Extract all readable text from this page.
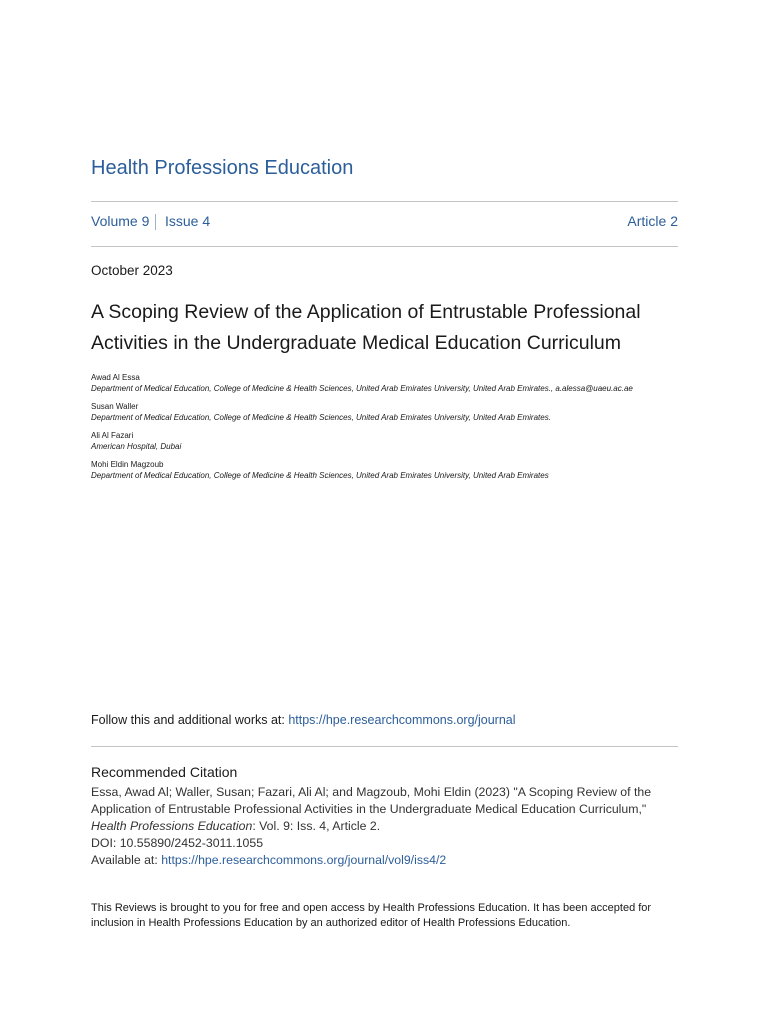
Health Professions Education
Volume 9 Issue 4	Article 2
October 2023
A Scoping Review of the Application of Entrustable Professional Activities in the Undergraduate Medical Education Curriculum
Awad Al Essa
Department of Medical Education, College of Medicine & Health Sciences, United Arab Emirates University, United Arab Emirates., a.alessa@uaeu.ac.ae
Susan Waller
Department of Medical Education, College of Medicine & Health Sciences, United Arab Emirates University, United Arab Emirates.
Ali Al Fazari
American Hospital, Dubai
Mohi Eldin Magzoub
Department of Medical Education, College of Medicine & Health Sciences, United Arab Emirates University, United Arab Emirates
Follow this and additional works at: https://hpe.researchcommons.org/journal
Recommended Citation
Essa, Awad Al; Waller, Susan; Fazari, Ali Al; and Magzoub, Mohi Eldin (2023) "A Scoping Review of the
Application of Entrustable Professional Activities in the Undergraduate Medical Education Curriculum,"
Health Professions Education: Vol. 9: Iss. 4, Article 2.
DOI: 10.55890/2452-3011.1055
Available at: https://hpe.researchcommons.org/journal/vol9/iss4/2
This Reviews is brought to you for free and open access by Health Professions Education. It has been accepted for inclusion in Health Professions Education by an authorized editor of Health Professions Education.
